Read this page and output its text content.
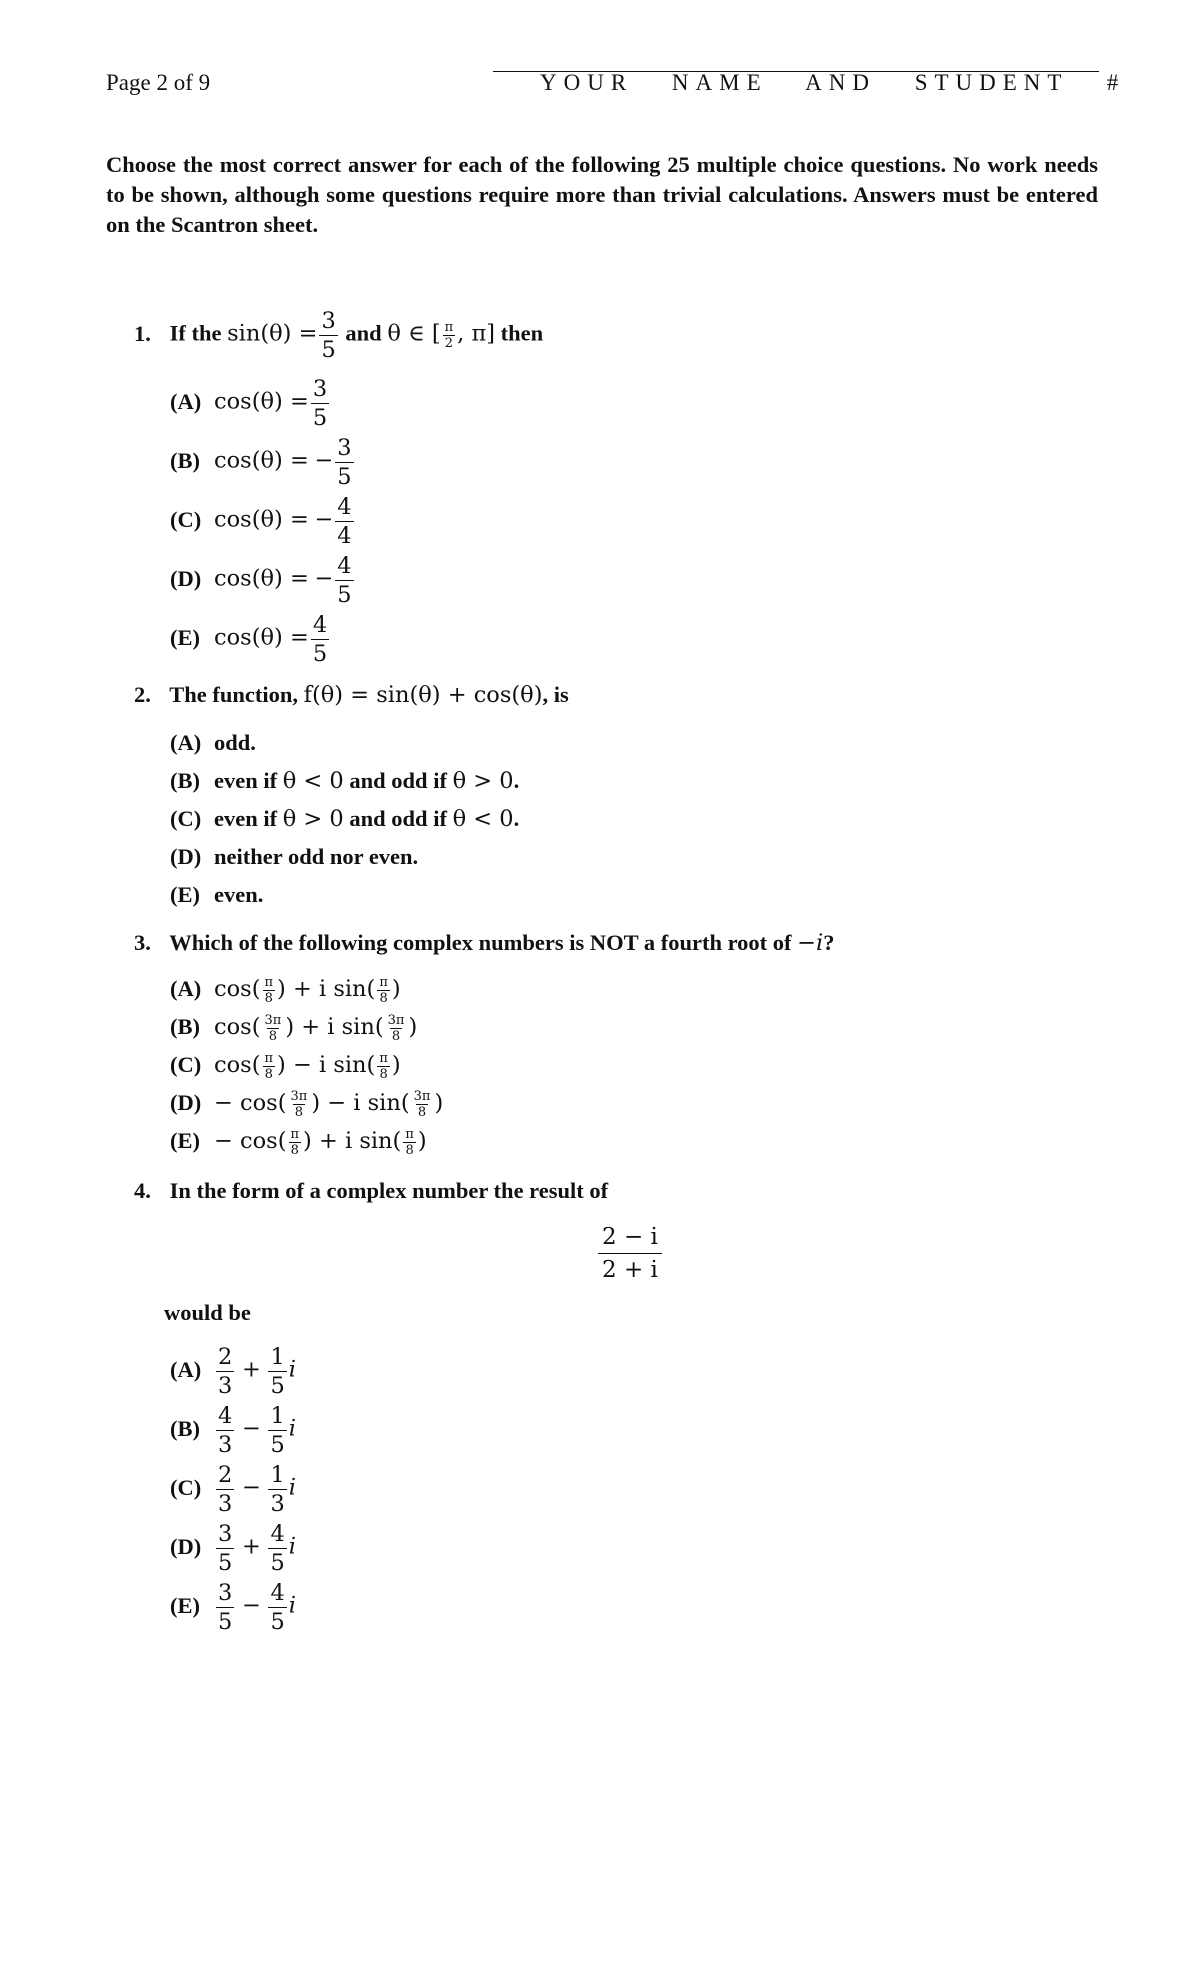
Page 2 of 9	YOUR NAME AND STUDENT #
Choose the most correct answer for each of the following 25 multiple choice questions. No work needs to be shown, although some questions require more than trivial calculations. Answers must be entered on the Scantron sheet.
1. If the $\sin(\theta) = \frac{3}{5}$ and θ ∈ [ $\frac{\pi}{2}$ , π] then
(A) $\cos(\theta) = \frac{3}{5}$
(B) cos(θ) = − $\frac{3}{5}$
(C) cos(θ) = − $\frac{4}{4}$
(D) cos(θ) = − $\frac{4}{5}$
(E) $\cos(\theta) = \frac{4}{5}$
2. The function, f(θ) = sin(θ) + cos(θ), is
(A) odd.
(B) even if θ < 0 and odd if θ > 0.
(C) even if θ > 0 and odd if θ < 0.
(D) neither odd nor even.
(E) even.
3. Which of the following complex numbers is NOT a fourth root of −i?
(A) $\cos( \frac{\pi}{8}$ ) + i $\sin( \frac{\pi}{8}$ )
(B) $\cos( \frac{3\pi}{8}$ ) + i $\sin( \frac{3\pi}{8}$ )
(C) $\cos( \frac{\pi}{8}$ ) − i $\sin( \frac{\pi}{8}$ )
$(D) - \cos( \frac{3\pi}{8}$ ) − i $\sin( \frac{3\pi}{8}$ )
$(E) - \cos( \frac{\pi}{8}$ ) + i $\sin( \frac{\pi}{8}$ )
4. In the form of a complex number the result of
$\frac{2 - i}{2 + i}$
would be
$(A) \frac{2}{3} + \frac{1}{5}$ i
$(B) \frac{4}{3} - \frac{1}{5}$ i
$(C) \frac{2}{3} - \frac{1}{3}$ i
$(D) \frac{3}{5} + \frac{4}{5}$ i
$(E) \frac{3}{5} - \frac{4}{5}$ i
